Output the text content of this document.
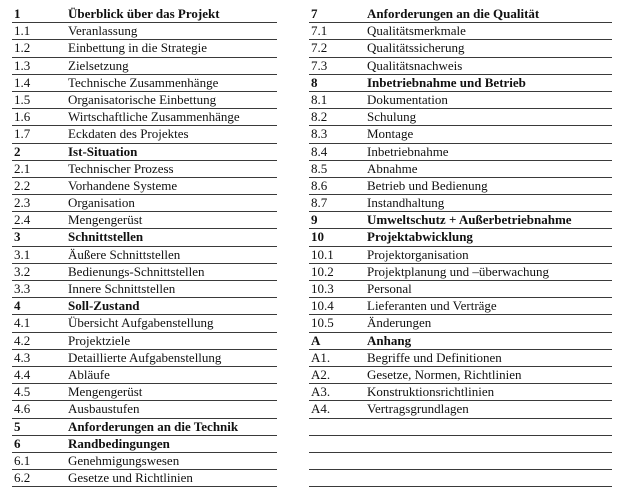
1	Überblick über das Projekt
1.1	Veranlassung
1.2	Einbettung in die Strategie
1.3	Zielsetzung
1.4	Technische Zusammenhänge
1.5	Organisatorische Einbettung
1.6	Wirtschaftliche Zusammenhänge
1.7	Eckdaten des Projektes
2	Ist-Situation
2.1	Technischer Prozess
2.2	Vorhandene Systeme
2.3	Organisation
2.4	Mengengerüst
3	Schnittstellen
3.1	Äußere Schnittstellen
3.2	Bedienungs-Schnittstellen
3.3	Innere Schnittstellen
4	Soll-Zustand
4.1	Übersicht Aufgabenstellung
4.2	Projektziele
4.3	Detaillierte Aufgabenstellung
4.4	Abläufe
4.5	Mengengerüst
4.6	Ausbaustufen
5	Anforderungen an die Technik
6	Randbedingungen
6.1	Genehmigungswesen
6.2	Gesetze und Richtlinien
7	Anforderungen an die Qualität
7.1	Qualitätsmerkmale
7.2	Qualitätssicherung
7.3	Qualitätsnachweis
8	Inbetriebnahme und Betrieb
8.1	Dokumentation
8.2	Schulung
8.3	Montage
8.4	Inbetriebnahme
8.5	Abnahme
8.6	Betrieb und Bedienung
8.7	Instandhaltung
9	Umweltschutz + Außerbetriebnahme
10	Projektabwicklung
10.1	Projektorganisation
10.2	Projektplanung und –überwachung
10.3	Personal
10.4	Lieferanten und Verträge
10.5	Änderungen
A	Anhang
A1.	Begriffe und Definitionen
A2.	Gesetze, Normen, Richtlinien
A3.	Konstruktionsrichtlinien
A4.	Vertragsgrundlagen
